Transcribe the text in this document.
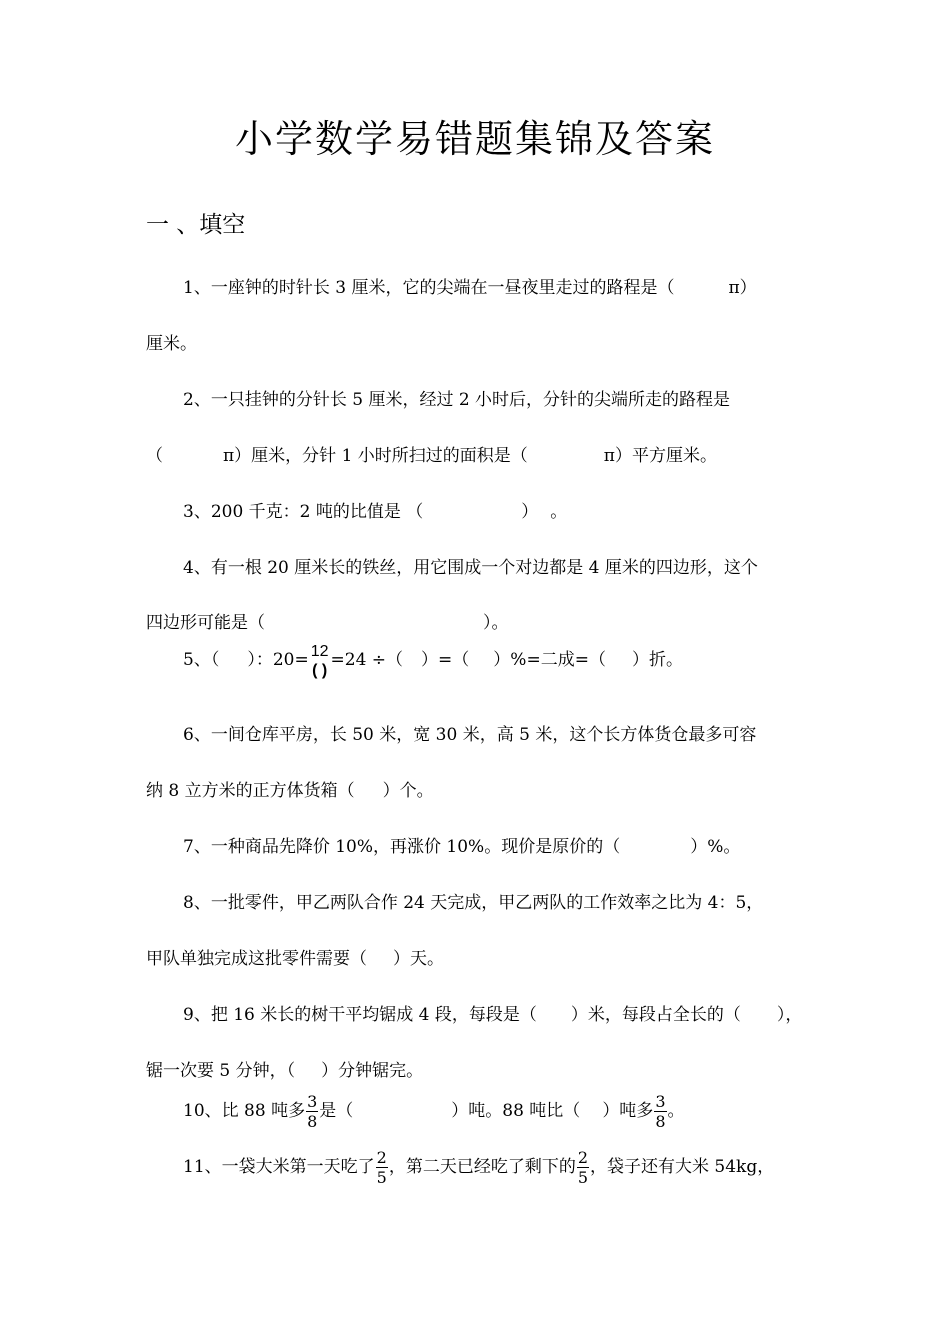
小学数学易错题集锦及答案
一 、填空
1、一座钟的时针长 3 厘米，它的尖端在一昼夜里走过的路程是（	π）
厘米。
2、一只挂钟的分针长 5 厘米，经过 2 小时后，分针的尖端所走的路程是
（	π）厘米，分针 1 小时所扫过的面积是（	π）平方厘米。
3、200 千克：2 吨的比值是 （	） 。
4、有一根 20 厘米长的铁丝，用它围成一个对边都是 4 厘米的四边形，这个
四边形可能是（	）。
5、（ ）：20= 12
( ) =24 ÷（ ）=（ ）%=二成=（ ）折。
6、一间仓库平房，长 50 米，宽 30 米，高 5 米，这个长方体货仓最多可容
纳 8 立方米的正方体货箱（ ）个。
7、一种商品先降价 10%，再涨价 10%。现价是原价的（	）%。
8、一批零件，甲乙两队合作 24 天完成，甲乙两队的工作效率之比为 4：5，
甲队单独完成这批零件需要（ ）天。
9、把 16 米长的树干平均锯成 4 段，每段是（ ）米，每段占全长的（ ），
锯一次要 5 分钟，（ ）分钟锯完。
10、比 88 吨多 $\frac{3}{8}$ 是（	）吨。88 吨比（ ）吨多 $\frac{3}{8}$ 。
11、一袋大米第一天吃了 $\frac{2}{5}$ ，第二天已经吃了剩下的 $\frac{2}{5}$ ，袋子还有大米 54kg，
